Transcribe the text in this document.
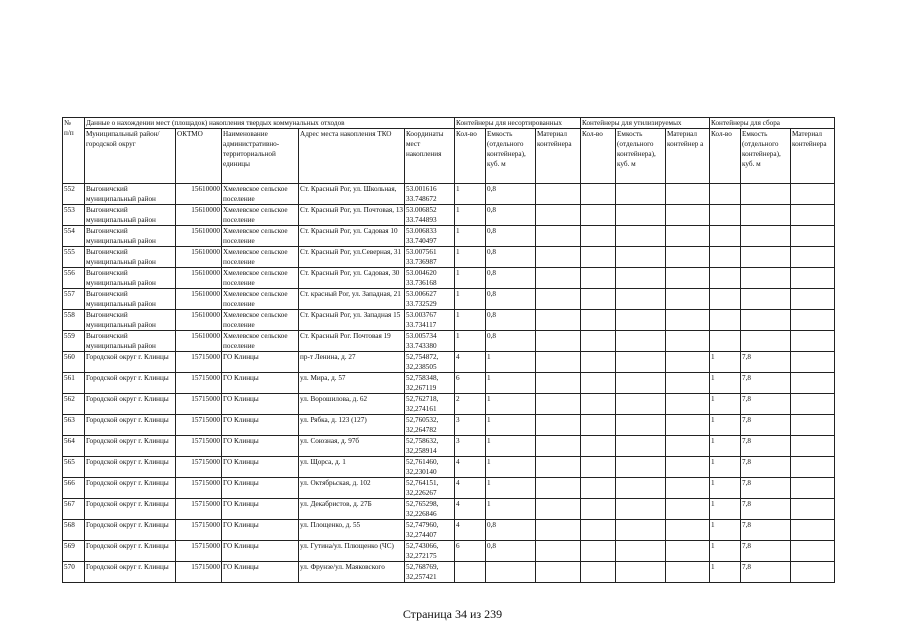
№
п/п	Данные о нахождении мест (площадок) накопления твердых коммунальных отходов					Контейнеры для несортированных			Контейнеры для утилизируемых			Контейнеры для сбора		
	Муниципальный район/городской округ	ОКТМО	Наименование административно-территориальной единицы	Адрес места накопления ТКО	Координаты мест накопления	Кол-во	Емкость (отдельного контейнера), куб. м	Материал контейнера	Кол-во	Емкость (отдельного контейнера), куб. м	Материал контейнер а	Кол-во	Емкость (отдельного контейнера), куб. м	Материал контейнера
552	Выгоничский муниципальный район	15610000	Хмелевское сельское поселение	Ст. Красный Рог, ул. Школьная,	53.001616 33.748672	1	0,8							
553	Выгоничский муниципальный район	15610000	Хмелевское сельское поселение	Ст. Красный Рог, ул. Почтовая, 13	53.006852 33.744893	1	0,8							
554	Выгоничский муниципальный район	15610000	Хмелевское сельское поселение	Ст. Красный Рог, ул. Садовая 10	53.006833 33.740497	1	0,8							
555	Выгоничский муниципальный район	15610000	Хмелевское сельское поселение	Ст. Красный Рог, ул.Северная, 31	53.007561 33.736987	1	0,8							
556	Выгоничский муниципальный район	15610000	Хмелевское сельское поселение	Ст. Красный Рог, ул. Садовая, 30	53.004620 33.736168	1	0,8							
557	Выгоничский муниципальный район	15610000	Хмелевское сельское поселение	Ст. красный Рог, ул. Западная, 21	53.006627 33.732529	1	0,8							
558	Выгоничский муниципальный район	15610000	Хмелевское сельское поселение	Ст. Красный Рог, ул. Западная 15	53.003767 33.734117	1	0,8							
559	Выгоничский муниципальный район	15610000	Хмелевское сельское поселение	Ст. Красный Рог. Почтовая 19	53.005734 33.743380	1	0,8							
560	Городской округ г. Клинцы	15715000	ГО Клинцы	пр-т Ленина, д. 27	52,754872, 32,238505	4	1					1	7,8	
561	Городской округ г. Клинцы	15715000	ГО Клинцы	ул. Мира, д. 57	52,758348, 32,267119	6	1					1	7,8	
562	Городской округ г. Клинцы	15715000	ГО Клинцы	ул. Ворошилова, д. 62	52,762718, 32,274161	2	1					1	7,8	
563	Городской округ г. Клинцы	15715000	ГО Клинцы	ул. Рябка, д. 123 (127)	52,760532, 32,264782	3	1					1	7,8	
564	Городской округ г. Клинцы	15715000	ГО Клинцы	ул. Союзная, д. 97б	52,758632, 32,258914	3	1					1	7,8	
565	Городской округ г. Клинцы	15715000	ГО Клинцы	ул. Щорса, д. 1	52,761460, 32,230140	4	1					1	7,8	
566	Городской округ г. Клинцы	15715000	ГО Клинцы	ул. Октябрьская, д. 102	52,764151, 32,226267	4	1					1	7,8	
567	Городской округ г. Клинцы	15715000	ГО Клинцы	ул. Декабристов, д. 27Б	52,765298, 32,226846	4	1					1	7,8	
568	Городской округ г. Клинцы	15715000	ГО Клинцы	ул. Площенко, д. 55	52,747960, 32,274407	4	0,8					1	7,8	
569	Городской округ г. Клинцы	15715000	ГО Клинцы	ул. Гутина/ул. Плющенко (ЧС)	52,743066, 32,272175	6	0,8					1	7,8	
570	Городской округ г. Клинцы	15715000	ГО Клинцы	ул. Фрунзе/ул. Маяковского	52,768769, 32,257421							1	7,8	
Страница 34 из 239
